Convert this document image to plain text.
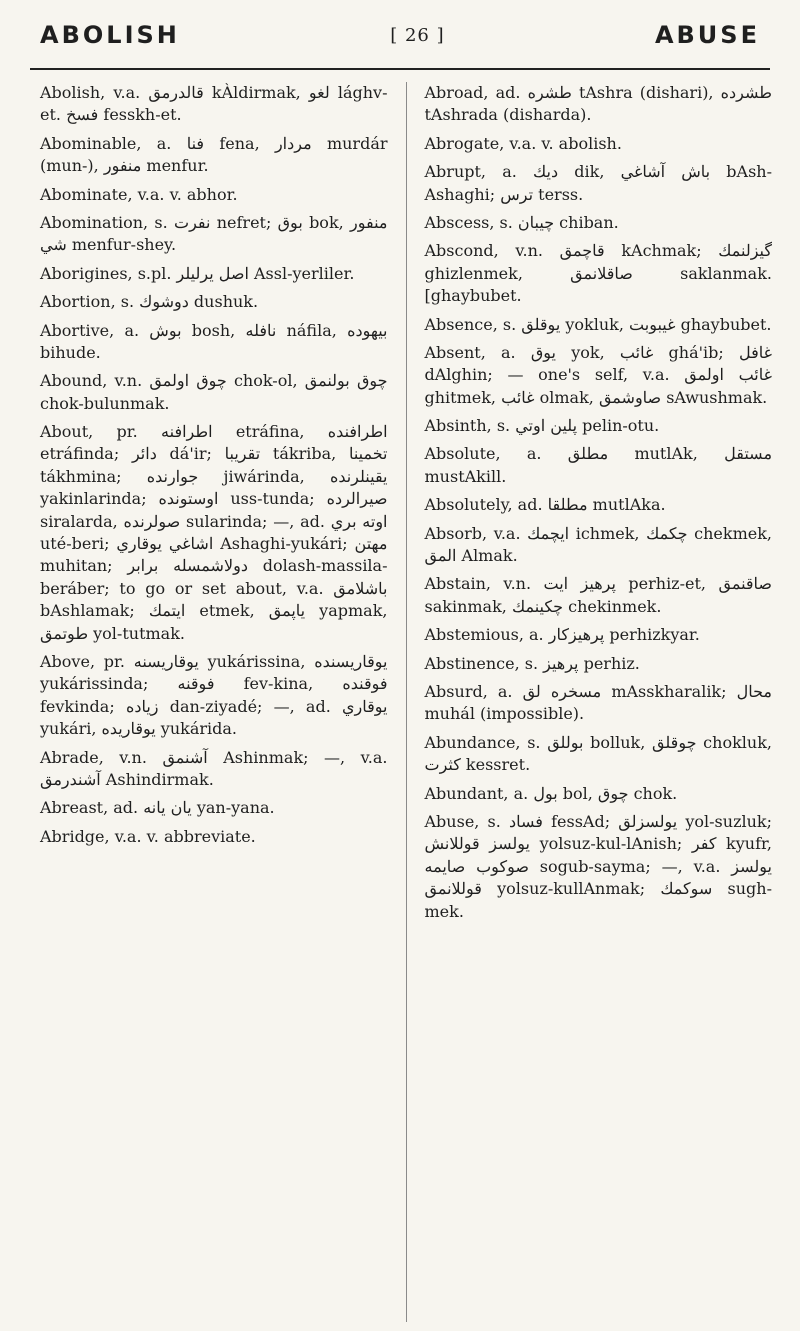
ABOLISH	[ 26 ]	ABUSE
Abolish, v.a. قالدرمق kÀldirmak, لغو lághv-et. فسخ fesskh-et.
Abominable, a. فنا fena, مردار murdár (mun-), منفور menfur.
Abominate, v.a. v. abhor.
Abomination, s. نفرت nefret; بوق bok, منفور شي menfur-shey.
Aborigines, s.pl. اصل يرليلر Assl-yerliler.
Abortion, s. دوشوك dushuk.
Abortive, a. بوش bosh, نافله náfila, بيهوده bihude.
Abound, v.n. چوق اولمق chok-ol, چوق بولنمق chok-bulunmak.
About, pr. اطرافنه etráfina, اطرافنده etráfinda; دائر dá'ir; تقريبا tákriba, تخمينا tákhmina; جوارنده jiwárinda, يقينلرنده yakinlarinda; اوستونده uss-tunda; صيرالرده siralarda, صولرنده sularinda; —, ad. اوته بري uté-beri; اشاغي يوقاري Ashaghi-yukári; مهتن muhitan; دولاشمسله برابر dolash-massila-beráber; to go or set about, v.a. باشلامق bAshlamak; ايتمك etmek, ياپمق yapmak, طوتمق yol-tutmak.
Above, pr. يوقاريسنه yukárissina, يوقاريسنده yukárissinda; فوقنه fev-kina, فوقنده fevkinda; زياده dan-ziyadé; —, ad. يوقاري yukári, يوقاريده yukárida.
Abrade, v.n. آشنمق Ashinmak; —, v.a. آشندرمق Ashindirmak.
Abreast, ad. يان يانه yan-yana.
Abridge, v.a. v. abbreviate.
Abroad, ad. طشره tAshra (dishari), طشرده tAshrada (disharda).
Abrogate, v.a. v. abolish.
Abrupt, a. ديك dik, باش آشاغي bAsh-Ashaghi; ترس terss.
Abscess, s. چيبان chiban.
Abscond, v.n. قاچمق kAchmak; گيزلنمك ghizlenmek, صاقلانمق saklanmak. [ghaybubet.
Absence, s. يوقلق yokluk, غيبوبت ghaybubet.
Absent, a. يوق yok, غائب ghá'ib; غافل dAlghin; — one's self, v.a. غائب اولمق ghitmek, غائب olmak, صاوشمق sAwushmak.
Absinth, s. پلين اوتي pelin-otu.
Absolute, a. مطلق mutlAk, مستقل mustAkill.
Absolutely, ad. مطلقا mutlAka.
Absorb, v.a. ايچمك ichmek, چكمك chekmek, المق Almak.
Abstain, v.n. پرهيز ايت perhiz-et, صاقنمق sakinmak, چكينمك chekinmek.
Abstemious, a. پرهيزكار perhizkyar.
Abstinence, s. پرهيز perhiz.
Absurd, a. مسخره لق mAsskharalik; محال muhál (impossible).
Abundance, s. بوللق bolluk, چوقلق chokluk, كثرت kessret.
Abundant, a. بول bol, چوق chok.
Abuse, s. فساد fessAd; يولسزلق yol-suzluk; يولسز قوللانش yolsuz-kul-lAnish; كفر kyufr, صوكوب صايمه sogub-sayma; —, v.a. يولسز قوللانمق yolsuz-kullAnmak; سوكمك sugh-mek.
